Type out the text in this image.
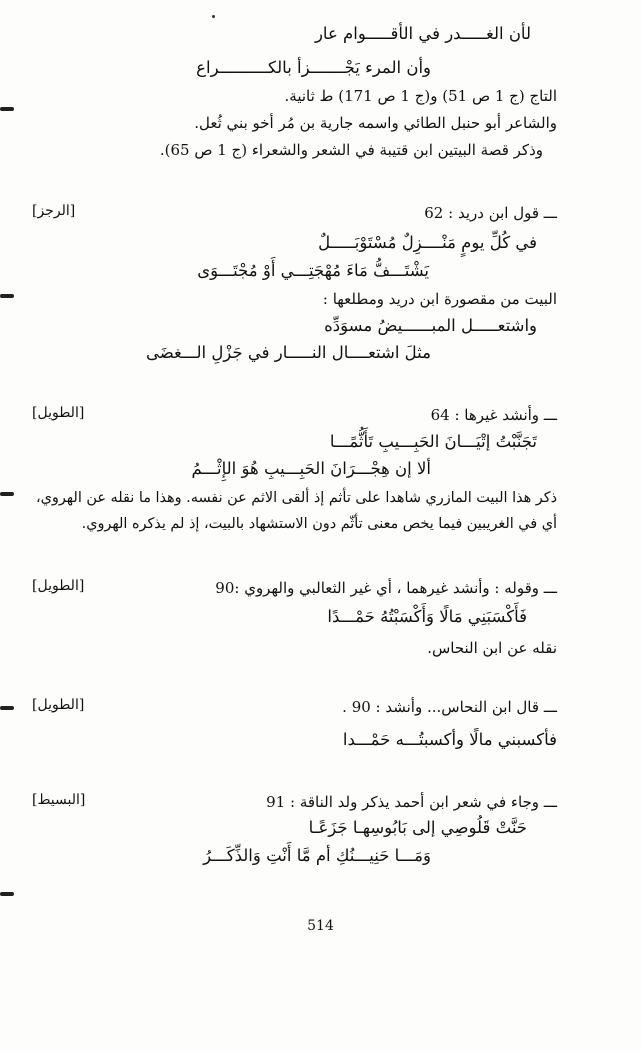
لأن الغـــــدر في الأقـــــوام عار
وأن المرء يَجْـــــــزأ بالكــــــــــراع
التاج (ج 1 ص 51) و(ج 1 ص 171) ط ثانية.
والشاعر أبو حنبل الطائي واسمه جارية بن مُر أخو بني ثُعل.
وذكر قصة البيتين ابن قتيبة في الشعر والشعراء (ج 1 ص 65).
ـــ قول ابن دريد : 62
[الرجز]
في كُلِّ يومٍ مَنْــــزِلٌ مُسْتَوْبَـــــلٌ
يَشْتَـــفُّ مَاءَ مُهْجَتِـــي أَوْ مُجْتَـــوَى
البيت من مقصورة ابن دريد ومطلعها :
واشتعـــــل المبــــــيضُ مسوَدِّه
مثلَ اشتعــــال النـــــار في جَزْلِ الـــغضَى
ـــ وأنشد غيرها : 64
[الطويل]
تَجَنَّبْتُ إتْيَـــانَ الحَبِـــيبِ تَأَثُّمًـــا
ألا إن هِجْـــرَانَ الحَبِـــيبِ هُوَ الإِثْـــمُ
ذكر هذا البيت المازري شاهدا على تأثم إذ ألقى الاثم عن نفسه. وهذا ما نقله عن الهروي،
أي في الغريبين فيما يخص معنى تأثّم دون الاستشهاد بالبيت، إذ لم يذكره الهروي.
ـــ وقوله : وأنشد غيرهما ، أي غير الثعالبي والهروي :90
[الطويل]
فَأَكْسَبَنِي مَالًا وَأَكْسَبْتُهُ حَمْـــدًا
نقله عن ابن النحاس.
ـــ قال ابن النحاس... وأنشد : 90 .
[الطويل]
فأكسبني مالًا وأكسبتُـــه حَمْـــدا
ـــ وجاء في شعر ابن أحمد يذكر ولد الناقة : 91
[البسيط]
حَنَّتْ قَلُوصِي إلى بَابُوسِهـا جَزَعًـا
وَمَـــا حَنِيـــنُكِ أم مَّا أَنْتِ وَالذِّكَـــرُ
514
